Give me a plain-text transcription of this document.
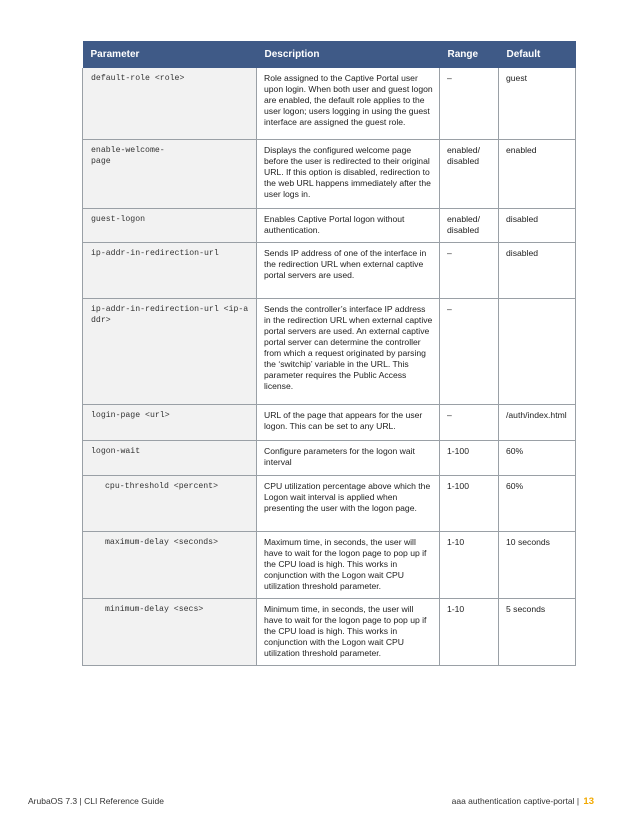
Parameter	Description	Range	Default
default-role <role>	Role assigned to the Captive Portal user upon login. When both user and guest logon are enabled, the default role applies to the user logon; users logging in using the guest interface are assigned the guest role.	–	guest
enable-welcome-page	Displays the configured welcome page before the user is redirected to their original URL. If this option is disabled, redirection to the web URL happens immediately after the user logs in.	enabled/ disabled	enabled
guest-logon	Enables Captive Portal logon without authentication.	enabled/ disabled	disabled
ip-addr-in-redirection-url	Sends IP address of one of the interface in the redirection URL when external captive portal servers are used.	–	disabled
ip-addr-in-redirection-url <ip-addr>	Sends the controller’s interface IP address in the redirection URL when external captive portal servers are used. An external captive portal server can determine the controller from which a request originated by parsing the ‘switchip’ variable in the URL. This parameter requires the Public Access license.	–	
login-page <url>	URL of the page that appears for the user logon. This can be set to any URL.	–	/auth/index.html
logon-wait	Configure parameters for the logon wait interval	1-100	60%
cpu-threshold <percent>	CPU utilization percentage above which the Logon wait interval is applied when presenting the user with the logon page.	1-100	60%
maximum-delay <seconds>	Maximum time, in seconds, the user will have to wait for the logon page to pop up if the CPU load is high. This works in conjunction with the Logon wait CPU utilization threshold parameter.	1-10	10 seconds
minimum-delay <secs>	Minimum time, in seconds, the user will have to wait for the logon page to pop up if the CPU load is high. This works in conjunction with the Logon wait CPU utilization threshold parameter.	1-10	5 seconds
ArubaOS 7.3 | CLI Reference Guide	aaa authentication captive-portal | 13
